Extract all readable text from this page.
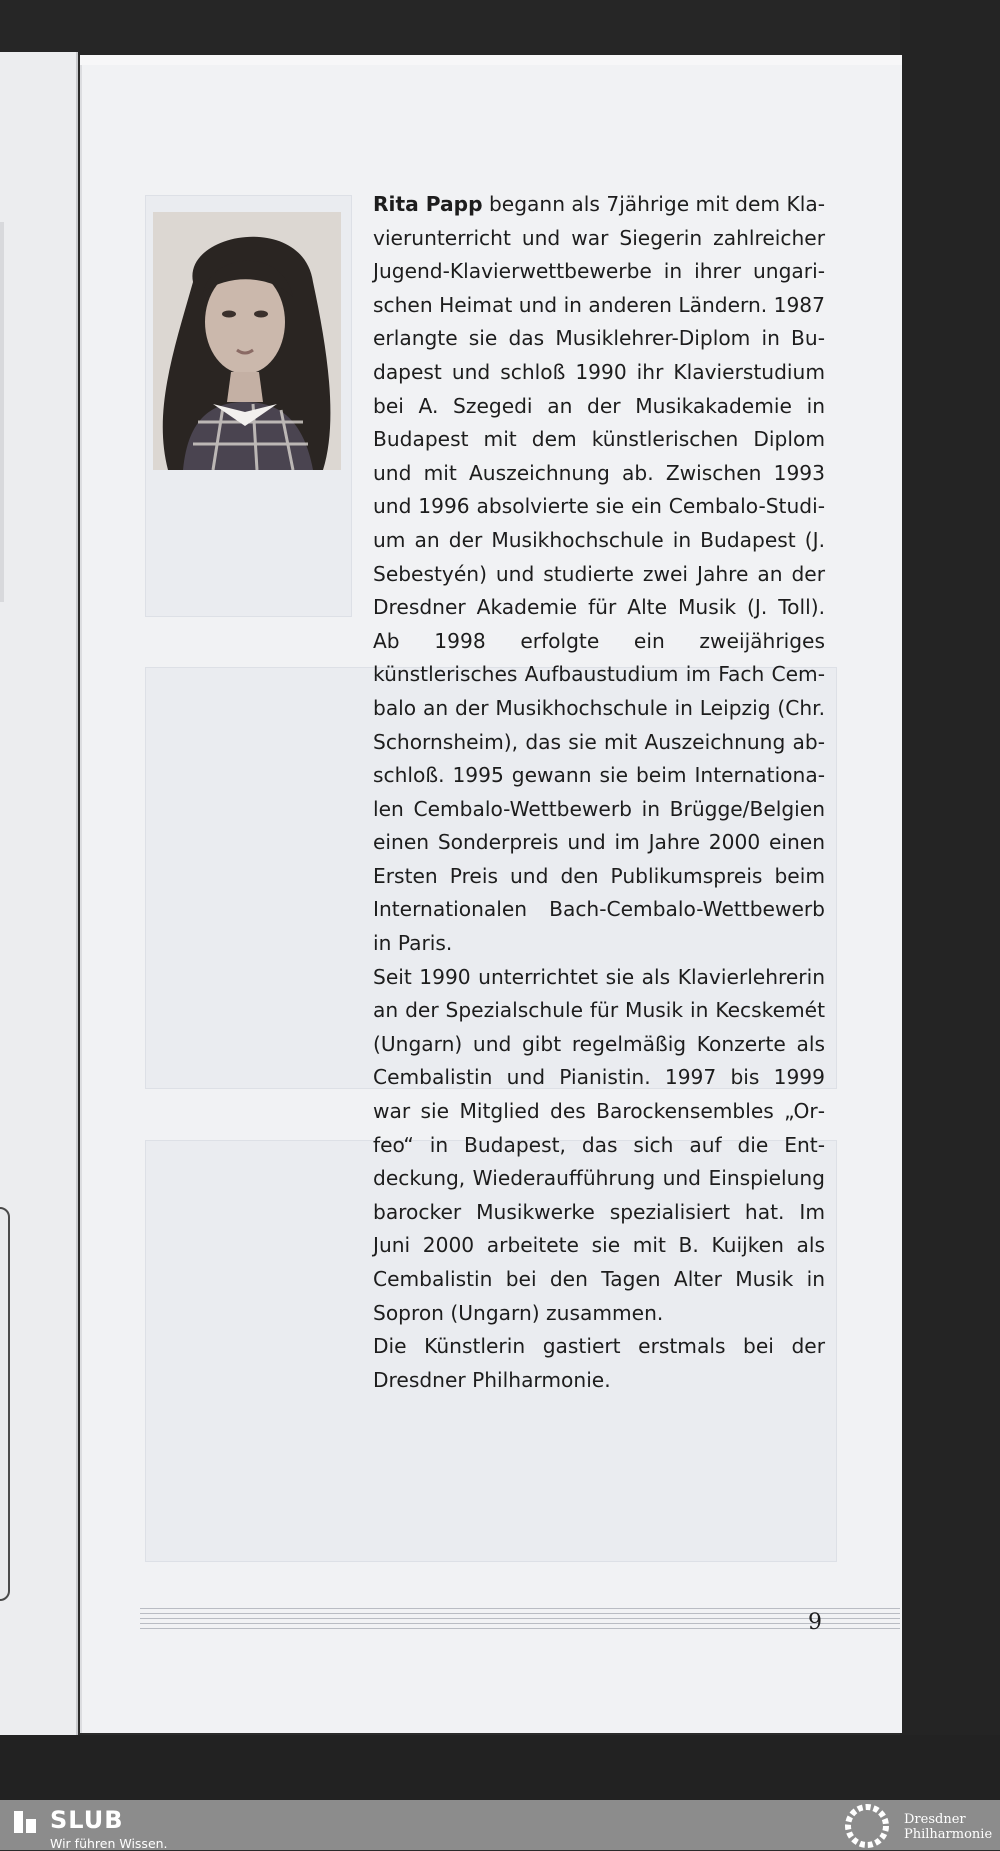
Rita Papp begann als 7jährige mit dem Klavierunterricht und war Siegerin zahlreicher Jugend-Klavierwettbewerbe in ihrer ungarischen Heimat und in anderen Ländern. 1987 erlangte sie das Musiklehrer-Diplom in Budapest und schloß 1990 ihr Klavierstudium bei A. Szegedi an der Musikakademie in Budapest mit dem künstlerischen Diplom und mit Auszeichnung ab. Zwischen 1993 und 1996 absolvierte sie ein Cembalo-Studium an der Musikhochschule in Budapest (J. Sebestyén) und studierte zwei Jahre an der Dresdner Akademie für Alte Musik (J. Toll). Ab 1998 erfolgte ein zweijähriges künstlerisches Aufbaustudium im Fach Cembalo an der Musikhochschule in Leipzig (Chr. Schornsheim), das sie mit Auszeichnung abschloß. 1995 gewann sie beim Internationalen Cembalo-Wettbewerb in Brügge/Belgien einen Sonderpreis und im Jahre 2000 einen Ersten Preis und den Publikumspreis beim Internationalen Bach-Cembalo-Wettbewerb in Paris.

Seit 1990 unterrichtet sie als Klavierlehrerin an der Spezialschule für Musik in Kecskemét (Ungarn) und gibt regelmäßig Konzerte als Cembalistin und Pianistin. 1997 bis 1999 war sie Mitglied des Barockensembles „Orfeo“ in Budapest, das sich auf die Entdeckung, Wiederaufführung und Einspielung barocker Musikwerke spezialisiert hat. Im Juni 2000 arbeitete sie mit B. Kuijken als Cembalistin bei den Tagen Alter Musik in Sopron (Ungarn) zusammen.

Die Künstlerin gastiert erstmals bei der Dresdner Philharmonie.

9
SLUB
Wir führen Wissen.
Dresdner
Philharmonie
